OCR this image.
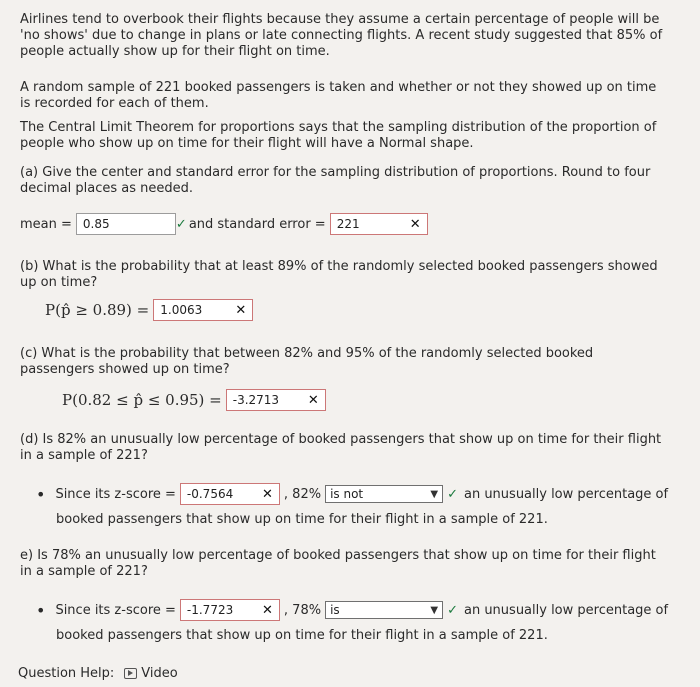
Airlines tend to overbook their flights because they assume a certain percentage of people will be 'no shows' due to change in plans or late connecting flights. A recent study suggested that 85% of people actually show up for their flight on time.
A random sample of 221 booked passengers is taken and whether or not they showed up on time is recorded for each of them.
The Central Limit Theorem for proportions says that the sampling distribution of the proportion of people who show up on time for their flight will have a Normal shape.
(a) Give the center and standard error for the sampling distribution of proportions. Round to four decimal places as needed.
mean = 0.85	✓ and standard error = 221	✕
(b) What is the probability that at least 89% of the randomly selected booked passengers showed up on time?
P(p̂ ≥ 0.89) = 1.0063	✕
(c) What is the probability that between 82% and 95% of the randomly selected booked passengers showed up on time?
P(0.82 ≤ p̂ ≤ 0.95) = -3.2713 ✕
(d) Is 82% an unusually low percentage of booked passengers that show up on time for their flight in a sample of 221?
• Since its z-score = -0.7564 ✕ , 82% is not	▼ ✓ an unusually low percentage of
booked passengers that show up on time for their flight in a sample of 221.
e) Is 78% an unusually low percentage of booked passengers that show up on time for their flight in a sample of 221?
• Since its z-score = -1.7723 ✕ , 78% is	▼ ✓ an unusually low percentage of
booked passengers that show up on time for their flight in a sample of 221.
Question Help: Video
